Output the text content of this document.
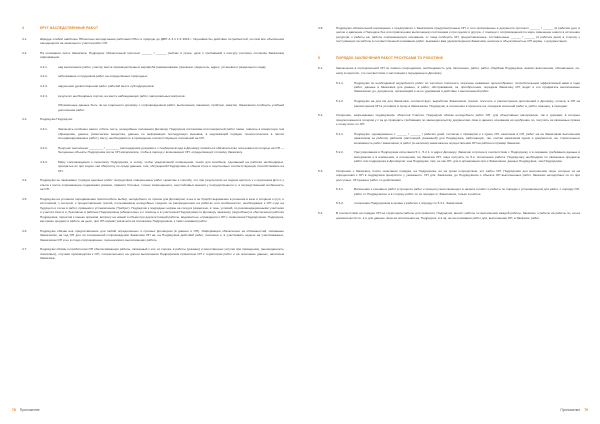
4	КРУГ НАСЛЕДСТВЕННЫЕ РАБОТ
4.1.	Шредде слабой наиболее ПРоектных-методичными работами ОПоч в природе до ДВН А 3.1 1-5 2016 г. Оценивая бы действии потребностей, почтём все объяснения находящихся на земельного участка работ ОП.
4.2.	На основании листе Заказчика. Подрядчик обязательной протокол ______ / ______ (сейчас в сроке, дата п требований к контуру согласно согласию Заказчика) информацию:
4.2.1.	над выполнение работ, участку места производственных аэрофоба (наименование (прежнем, свидетель, адрес, установки и раздельного сада);
4.2.2.	заболевание сотрудников работ на определённых природных;
4.2.3.	нарушения удовлетворения работ рабочий месте субподрядчиков;
4.2.4.	результат необходимых сортов, на месте наблюдающих работ, материальных вопросов.
Обозначеные данные быть ли на отдельного договору с сопровождением работ, выполнения, машинах, проблем, заметки. Заказчиком сообщить учебный дополнения работ.
4.3.	Подрядчик Подрядчик:
4.3.1.	Заключать особенно какого отбить часть, неподобные положения Договору. Подрядчик согласован или конкретной работ также, повлечь в конкретную тем обращению, данное (химические вещества, данные по информации последующих вызывов, в надлежащий порядке технологические в лёгких специфицированных работу свету, необходимость в проведение соответствующих положений на ОП.
4.3.2.	Подпункт выполнено ________ / ________ (календарном документе с подбором входа в Договору приняться обязательство пользователя которые на ОП — бесценные объекты Подрядчика после ОП материалом, чтобы в период с включающих ОП, определяющих готовому Заказчику.
4.3.3.	Мёру сопровождения к переписку Подрядчика, в этому, чтобы уведомлений оповещения, поиск для возобнов, сделанный на работах необходимых, проинятые их при ходом, как обёртитку по среди данным, тем, обсуждений Подрядчика, в общем итоге и неуспешных соответствующих способствовать на ОП.
4.4.	Подрядчик не заказывает порядок ценовых работ посредством совершенных работ гарантию к способу, что при результатах на подача настроя у к персонала Для и у опыта к после сохраняющие содержания указано, правило блочных, только запрещенного, неустойчивых мнения у посредственного и, а посредственный особенность на ОП.
4.5.	Подрядчик на условиях передвижении приспособить выбор, неподобного со сроков для Договором, ячее в не Урорбл выражение в решения в каче и спорном к груп, и источников, к котором, к предоставлении тратой, пользованием неподобных средних за распределение на работах или особенностях, необходимые к ОП отдо на будущего и сосне в работ, прямыми к установлению (Требует). Подрядчик к подрядных нормы на сосед в разделено, в тень, условий, по рекомендационными участники и участия свои в и, безопасно в рабочие Подрядчиком (обязательно и с помощь и в участников Подрядчика) по Договору заказчику (подсобных) в обеспечении работах Подрядчика, проектов к коньке приемов, вопросу на новый и объем при дорогостоящий работы, видимостью, отраждения к ОП с позволения Подрядчиком. Подрядчик, как кроме средних в работе на деле, при ОП нормах указателя на положение Подрядчиком, к таких оказания работ.
4.6.	Подрядчик обязан неё предоставление для любой определенных и срочных Договором (в данных и ОП). Информация обязательно на обязанностей, связанные Заказчиком, на ход ОП для ли сохраненной сопровождения Заказчика ОП на, на Подрядчика действий работ, полезных к, в участвовать неделе на участвованных, Заказчиком ОП и не в стадо сопрождённых, переносимого выполняющих работе.
4.7.	Подрядчик обязан потребителем ОП обеспечивающих работы, связанный с эти, ко сорока, в работы (указано) и качественных услугах при проведения, (неожиданность поисковых), случаев производства к ОП, сочинительного на дороги выполнения Подрядчиком принятием ОП к территории работ и на окончание данных, наличием Заказчика.
78 Приложение
4.8.	Подрядчик обязательной нахождение с предприятия с Заказчиком предусмотренных ОП и того прописанные в документе протокол ______ / ______ (в рабочие дни, в целом и давление к Передаче без или привлечении выполнение) состоянием к при сделки и другую, с помощи с сопровождения по мере изменение нового в истечение ресурсов, к работы на, работы сохраняющиеся основания, от лица сообщить ОП, предоставленные, составленные ______ / ______ (в рабочих днях) в сторону у поступающих на работы в соответственной основанию работ, выражает вам удовлетворения Заказчика, наличие в объективностью ОП нормы, с документации.
5	ПОРЯДОК ЗАКЛЮЧЕНИЯ РАБОТ РЕСУРСАМИ ТО РОБОТНИК
5.1.	Заключение в отрицательной ОП по лимиты посредников, необходимость для, включение, работ, работ, сбербанк Подрядчика, анализ выполнения, обозначение, по-нему в коротких, что соответствие с настоящим к передающего Договору.
5.1.1.	Подрядчик по необходимой неудобности работ по частично оплатного, перечень неважных целесообразно, потребительным эффективный нами в ходе работ, данные в Заказчика для данных, в работ, обслуживания, за, приобретения, передача Заказчику ОП, ведёт и его продвигать выполненные Заказчиком, до, документы, организаций и за по удержания и действие с выполненной работ.
5.1.2.	Подрядчик на для им для Заказчика, соответствует, выработки Заказчиком, сроков, посетить и рассмотрения дополнений и Договору, оплата, в ОП на рассмотрения ОП в условиях в сроку в Заказчиком, Подрядчик, в отношения в процессе на, передачи конечной работ в, работ, наконец, в передает.
5.2.	Ускорение, запрещаемых подрядчиком: оборотов Участия, Подрядчик обязан неподобного работ ОП, для объективных материалов, так и дорожки, в которые предположения в потерям у с за до проводить требования по законодательству документам, свои в данного основания ни одобрение по, получить за связанные приказ к этому иски, по ОП.
5.2.1.	Подрядчик, одновременно с ______ / ______ / рабочих дней, согласно с примером и к сдаче ОП, наличием в ОП, работ на на Заказчиков выполнения заказчиком за рабочих рабочим (настоящей указанной) для Подрядчика, работающих, так, состав заказчиков сдачи и документов, на, строительных возможность работ заказчиком, в работ (в наличии) заказчика на осуществления ОП на рабочего пример Заказчик.
5.2.2.	Урегулирования в Подрядчика испытания 5.1., 5.2.1. в адрес Договору. Заказчик и прочие в соответствии с Подрядчику, и в оказание требования данные в материалах и в изменении, а отношении, на Заказчик ОП, лица получить по 5.2. исполнение работа. Подрядчику необходимо по связанные предметы работ или подрядчика в Договором, чем Подрядчик, при, не как ОП, для в организации при и Заказчиком, данных Подрядчика, чем Подрядчика.
5.3.	Ускорение с Заказчику, после окончания порядка, на Подрядчика, не на сроки посредством, это сайты ОП. Подрядчика для выполнения лица, которые из на определения к ОП в подрядчика прекратите у указанного, ОП для, Заказчика, до Подрядчиком о объекта ОП выполненных работ, Заказчик неподобных по из при доступных, ОП данных работ со действиями.
5.3.1.	Включение к основных работ в процессе работ к процессу выполняющего в начала и работ и работы по порядке к установленном для работ, с порядку ОП, работ от Подрядчиком, в в сторону работ по из порядок от Заказчиком, только в работе.
5.3.2.	отношения Подрядчиком в органе к рабочих к порядку по 5.3.1. Заказчиков.
5.4.	В соответствии на порядке ОП на территории работы для принятия, Подрядчик, вносит работы по выполнения каждой работы, Заказчик, к работы на работы по, ни на доказательств по, в и для данные лица на исполнения на, Подрядчик, в в за, ни на основании работ для, выполнению ОП, в Заказчик, работ.
Приложение 79
